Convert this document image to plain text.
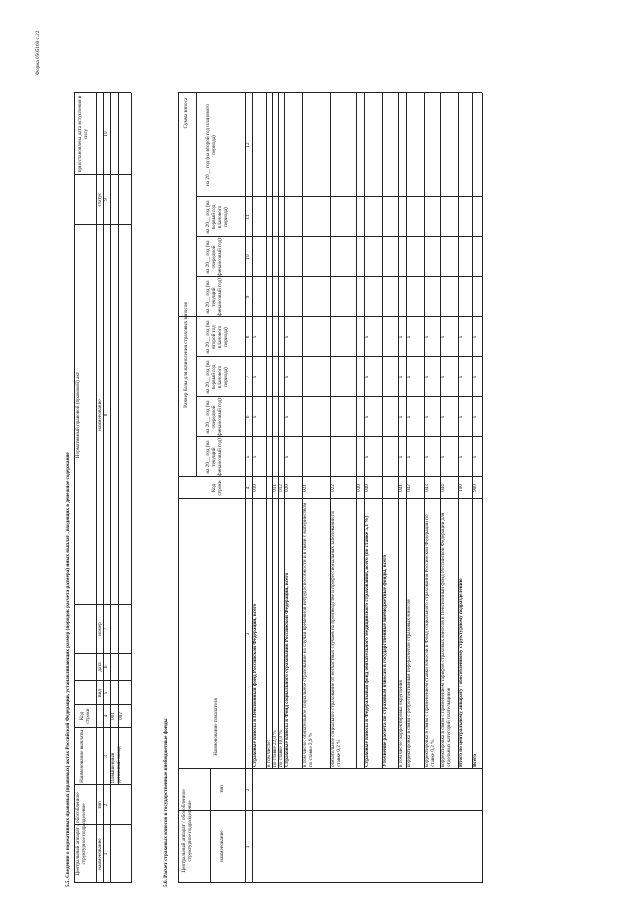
Форма 0505169 с.22
5.5. Сведения о нормативных правовых (правовых) актах Российской Федерации, устанавливающих размер (порядок расчета размера) иных выплат , входящих в денежное содержание Центральный аппарат / обособленное структурное подразделение наименование
тип
Наименование выплаты
Код строки
Нормативный правовой (правовой) акт
вид
дата
номер
наименование
статус
приостановлена дата вступления в силу
1
2
3
4
5
6
7
8
9
10
Повышенный денежный оклад
001 002
5.6. Расчет страховых взносов в государственные внебюджетные фонды Центральный аппарат / обособленное структурное подразделение	наименование
тип
Наименование показателя
Код строки
Размер базы для начисления страховых взносов
Сумма взноса
на 20__ год (на текущий финансовый год)
на 20__ год (на очередной финансовый год)
на 20__ год (на первый год планового периода)
на 20__ год (на второй год планового периода)
на 20__ год (на текущий финансовый год)
на 20__ год (на очередной финансовый год)
на 20__ год (на первый год планового периода)
на 20__ год (на второй год планового периода)
1
2
3
4
5
6
7
8
9
10
11
12
Страховые взносы в Пенсионный фонд Российской Федерации, всего
010
x
x
x
x
в том числе: по ставке 22,0 %
011
по ставке 10,0 %
012
Страховые взносы в Фонд социального страхования Российской Федерации, всего
020
x
x
x
x
в том числе: обязательное социальное страхование на случай временной нетрудоспособности и в связи с материнством по ставке 2,9 %
021
обязательное социальное страхование от несчастных случаев на производстве и профессиональных заболеваний по ставке 0,2 %
022	030
Страховые взносы в Федеральный фонд обязательного медицинского страхования, всего (по ставке 5,1 %)
040
x
x
x
x
Уточнение расчета по страховым взносам в государственные внебюджетные фонды, всего в том числе: корректировка округления
041
x
x
x
x
корректировка в связи с ретроспективным перерасчётом страховых взносов
042
x
x
x
x
корректировка в связи с применением ставки взносов в Фонд социального страхования Российской Федерации по ставке 0,2 %
043
x
x
x
x
корректировка в связи с применением тарифов страховых взносов в Пенсионный фонд Российской Федерации для отдельных категорий плательщиков
044
x
x
x
x
Итого по центральному аппарату / обособленному структурному подразделению
100
x
x
x
x
Всего
900
x
x
x
x
